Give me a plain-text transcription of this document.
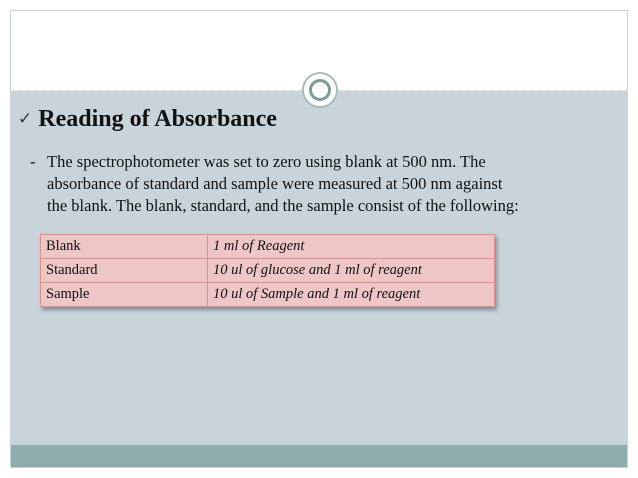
✓ Reading of Absorbance
- The spectrophotometer was set to zero using blank at 500 nm. The
absorbance of standard and sample were measured at 500 nm against
the blank. The blank, standard, and the sample consist of the following:
Blank	1 ml of Reagent
Standard	10 ul of glucose and 1 ml of reagent
Sample	10 ul of Sample and 1 ml of reagent
